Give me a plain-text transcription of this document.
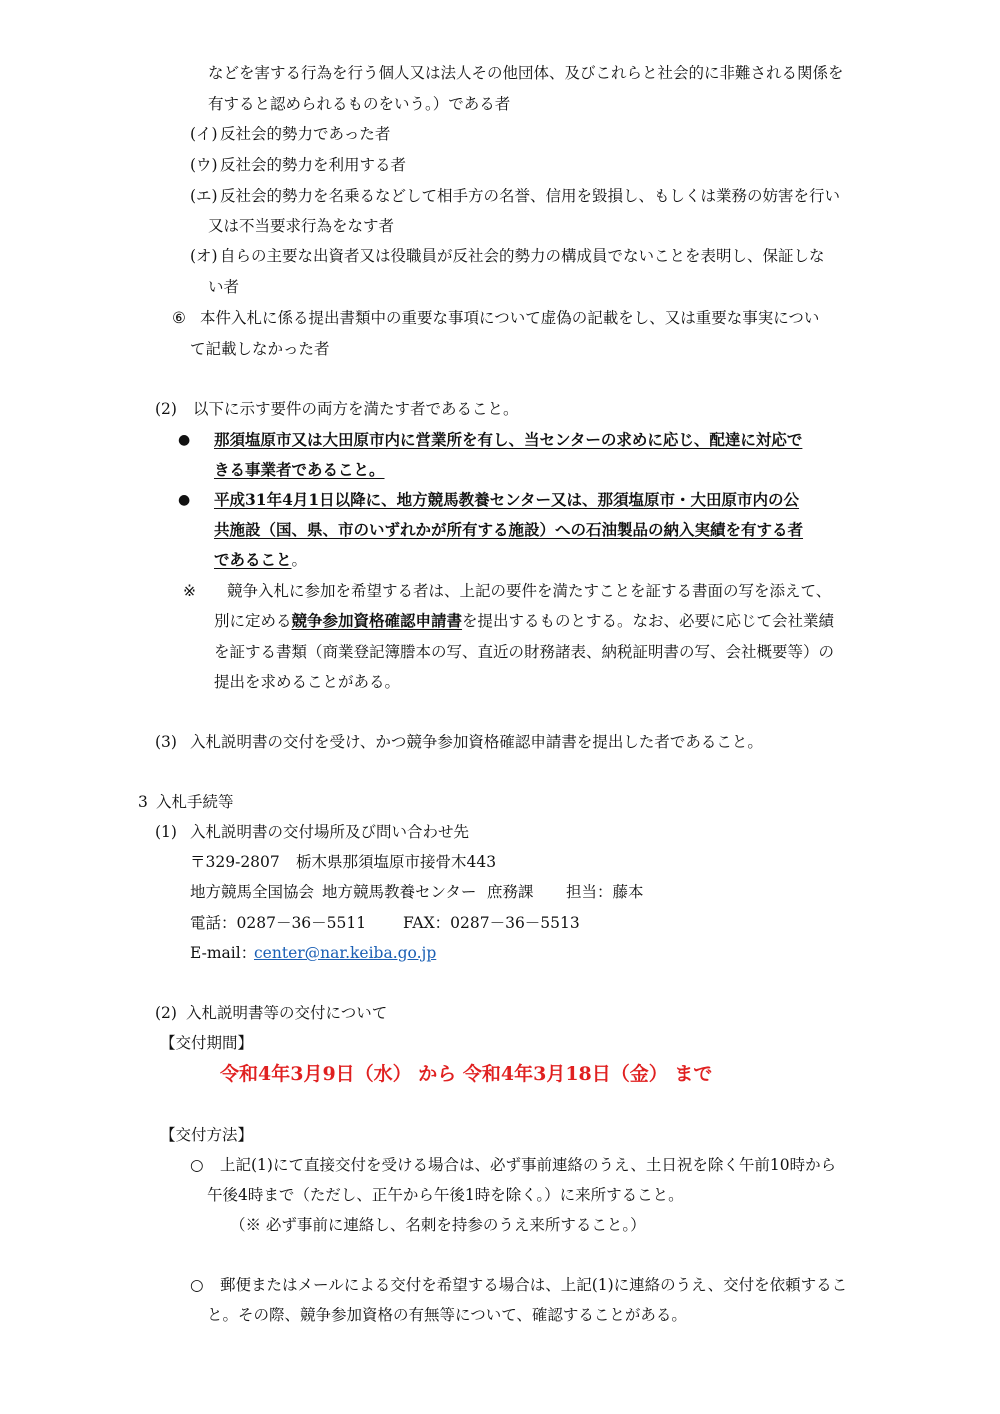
などを害する行為を行う個人又は法人その他団体、及びこれらと社会的に非難される関係を
有すると認められるものをいう。）である者
(イ) 反社会的勢力であった者
(ウ) 反社会的勢力を利用する者
(エ) 反社会的勢力を名乗るなどして相手方の名誉、信用を毀損し、もしくは業務の妨害を行い
又は不当要求行為をなす者
(オ) 自らの主要な出資者又は役職員が反社会的勢力の構成員でないことを表明し、保証しな
い者
⑥ 本件入札に係る提出書類中の重要な事項について虚偽の記載をし、又は重要な事実につい
て記載しなかった者
(2) 以下に示す要件の両方を満たす者であること。
● 那須塩原市又は大田原市内に営業所を有し、当センターの求めに応じ、配達に対応で
きる事業者であること。
● 平成31年4月1日以降に、地方競馬教養センター又は、那須塩原市・大田原市内の公
共施設（国、県、市のいずれかが所有する施設）への石油製品の納入実績を有する者
であること。
※ 競争入札に参加を希望する者は、上記の要件を満たすことを証する書面の写を添えて、
別に定める競争参加資格確認申請書を提出するものとする。なお、必要に応じて会社業績
を証する書類（商業登記簿謄本の写、直近の財務諸表、納税証明書の写、会社概要等）の
提出を求めることがある。
(3) 入札説明書の交付を受け、かつ競争参加資格確認申請書を提出した者であること。
3 入札手続等
(1) 入札説明書の交付場所及び問い合わせ先
〒329-2807 栃木県那須塩原市接骨木443
地方競馬全国協会 地方競馬教養センター 庶務課 担当：藤本
電話：0287－36－5511 FAX：0287－36－5513
E-mail：
center@nar.keiba.go.jp
(2) 入札説明書等の交付について
【交付期間】
令和4年3月9日（水） から 令和4年3月18日（金） まで
【交付方法】
○ 上記(1)にて直接交付を受ける場合は、必ず事前連絡のうえ、土日祝を除く午前10時から
午後4時まで（ただし、正午から午後1時を除く。）に来所すること。
（※ 必ず事前に連絡し、名刺を持参のうえ来所すること。）
○ 郵便またはメールによる交付を希望する場合は、上記(1)に連絡のうえ、交付を依頼するこ
と。その際、競争参加資格の有無等について、確認することがある。
